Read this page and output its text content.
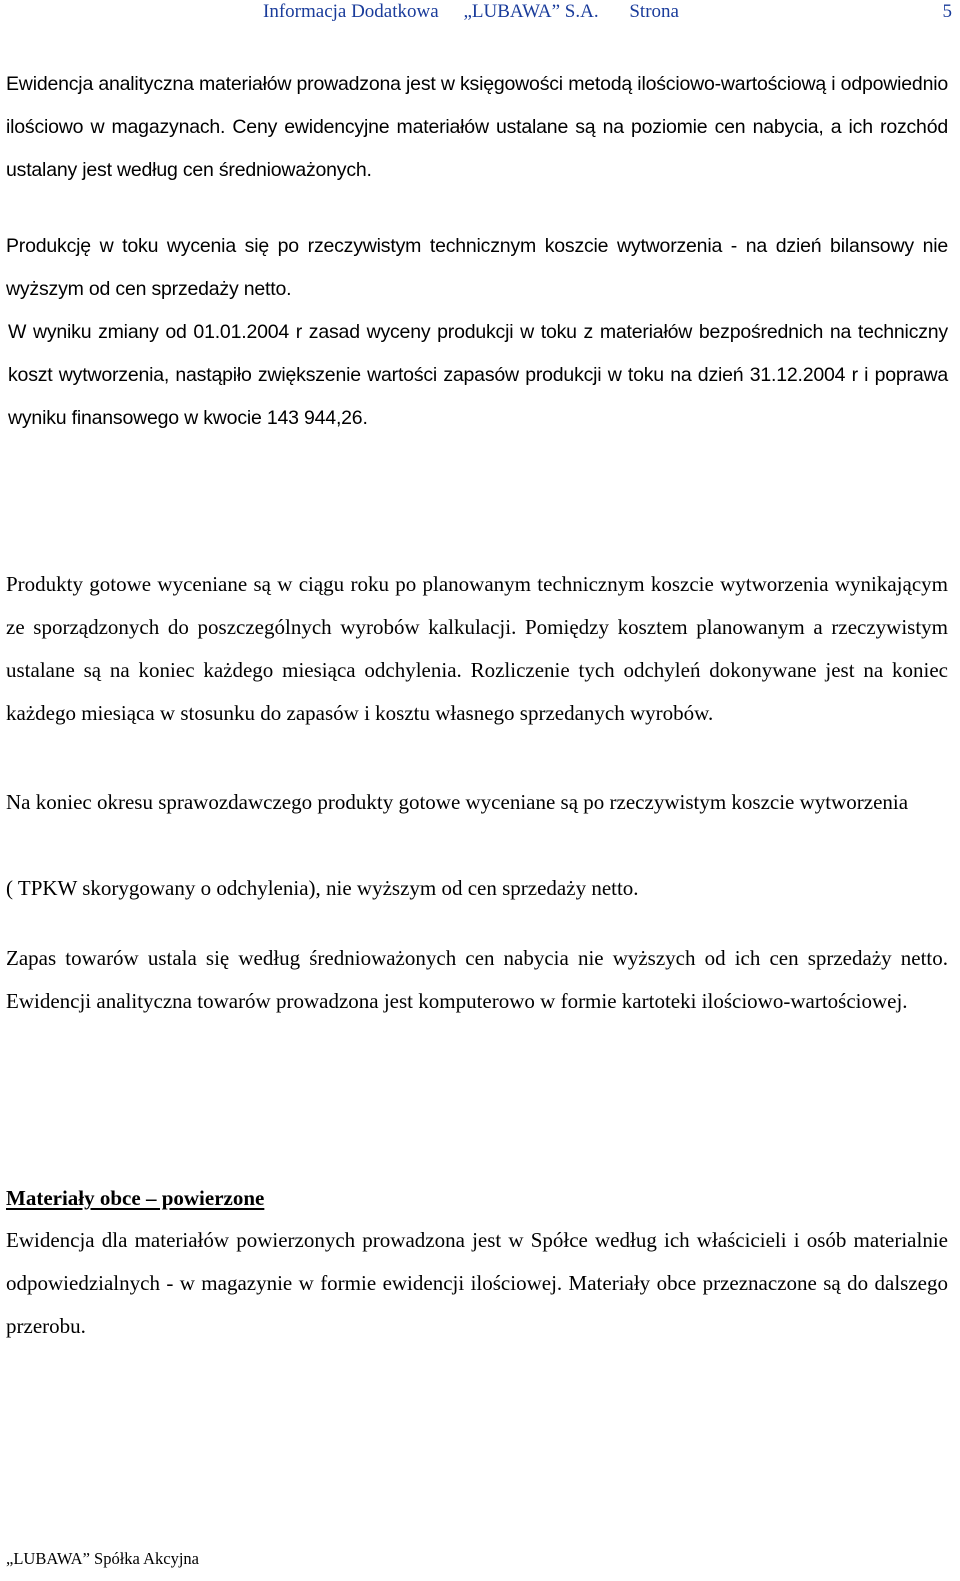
Informacja Dodatkowa „LUBAWA” S.A. Strona	5

Ewidencja analityczna materiałów prowadzona jest w księgowości metodą ilościowo-wartościową i odpowiednio ilościowo w magazynach. Ceny ewidencyjne materiałów ustalane są na poziomie cen nabycia, a ich rozchód ustalany jest według cen średnioważonych.

Produkcję w toku wycenia się po rzeczywistym technicznym koszcie wytworzenia - na dzień bilansowy nie wyższym od cen sprzedaży netto.

W wyniku zmiany od 01.01.2004 r zasad wyceny produkcji w toku z materiałów bezpośrednich na techniczny koszt wytworzenia, nastąpiło zwiększenie wartości zapasów produkcji w toku na dzień 31.12.2004 r i poprawa wyniku finansowego w kwocie 143 944,26.

Produkty gotowe wyceniane są w ciągu roku po planowanym technicznym koszcie wytworzenia wynikającym ze sporządzonych do poszczególnych wyrobów kalkulacji. Pomiędzy kosztem planowanym a rzeczywistym ustalane są na koniec każdego miesiąca odchylenia. Rozliczenie tych odchyleń dokonywane jest na koniec każdego miesiąca w stosunku do zapasów i kosztu własnego sprzedanych wyrobów.

Na koniec okresu sprawozdawczego produkty gotowe wyceniane są po rzeczywistym koszcie wytworzenia

( TPKW skorygowany o odchylenia), nie wyższym od cen sprzedaży netto.

Zapas towarów ustala się według średnioważonych cen nabycia nie wyższych od ich cen sprzedaży netto. Ewidencji analityczna towarów prowadzona jest komputerowo w formie kartoteki ilościowo-wartościowej.

Materiały obce – powierzone

Ewidencja dla materiałów powierzonych prowadzona jest w Spółce według ich właścicieli i osób materialnie odpowiedzialnych - w magazynie w formie ewidencji ilościowej. Materiały obce przeznaczone są do dalszego przerobu.

„LUBAWA” Spółka Akcyjna
